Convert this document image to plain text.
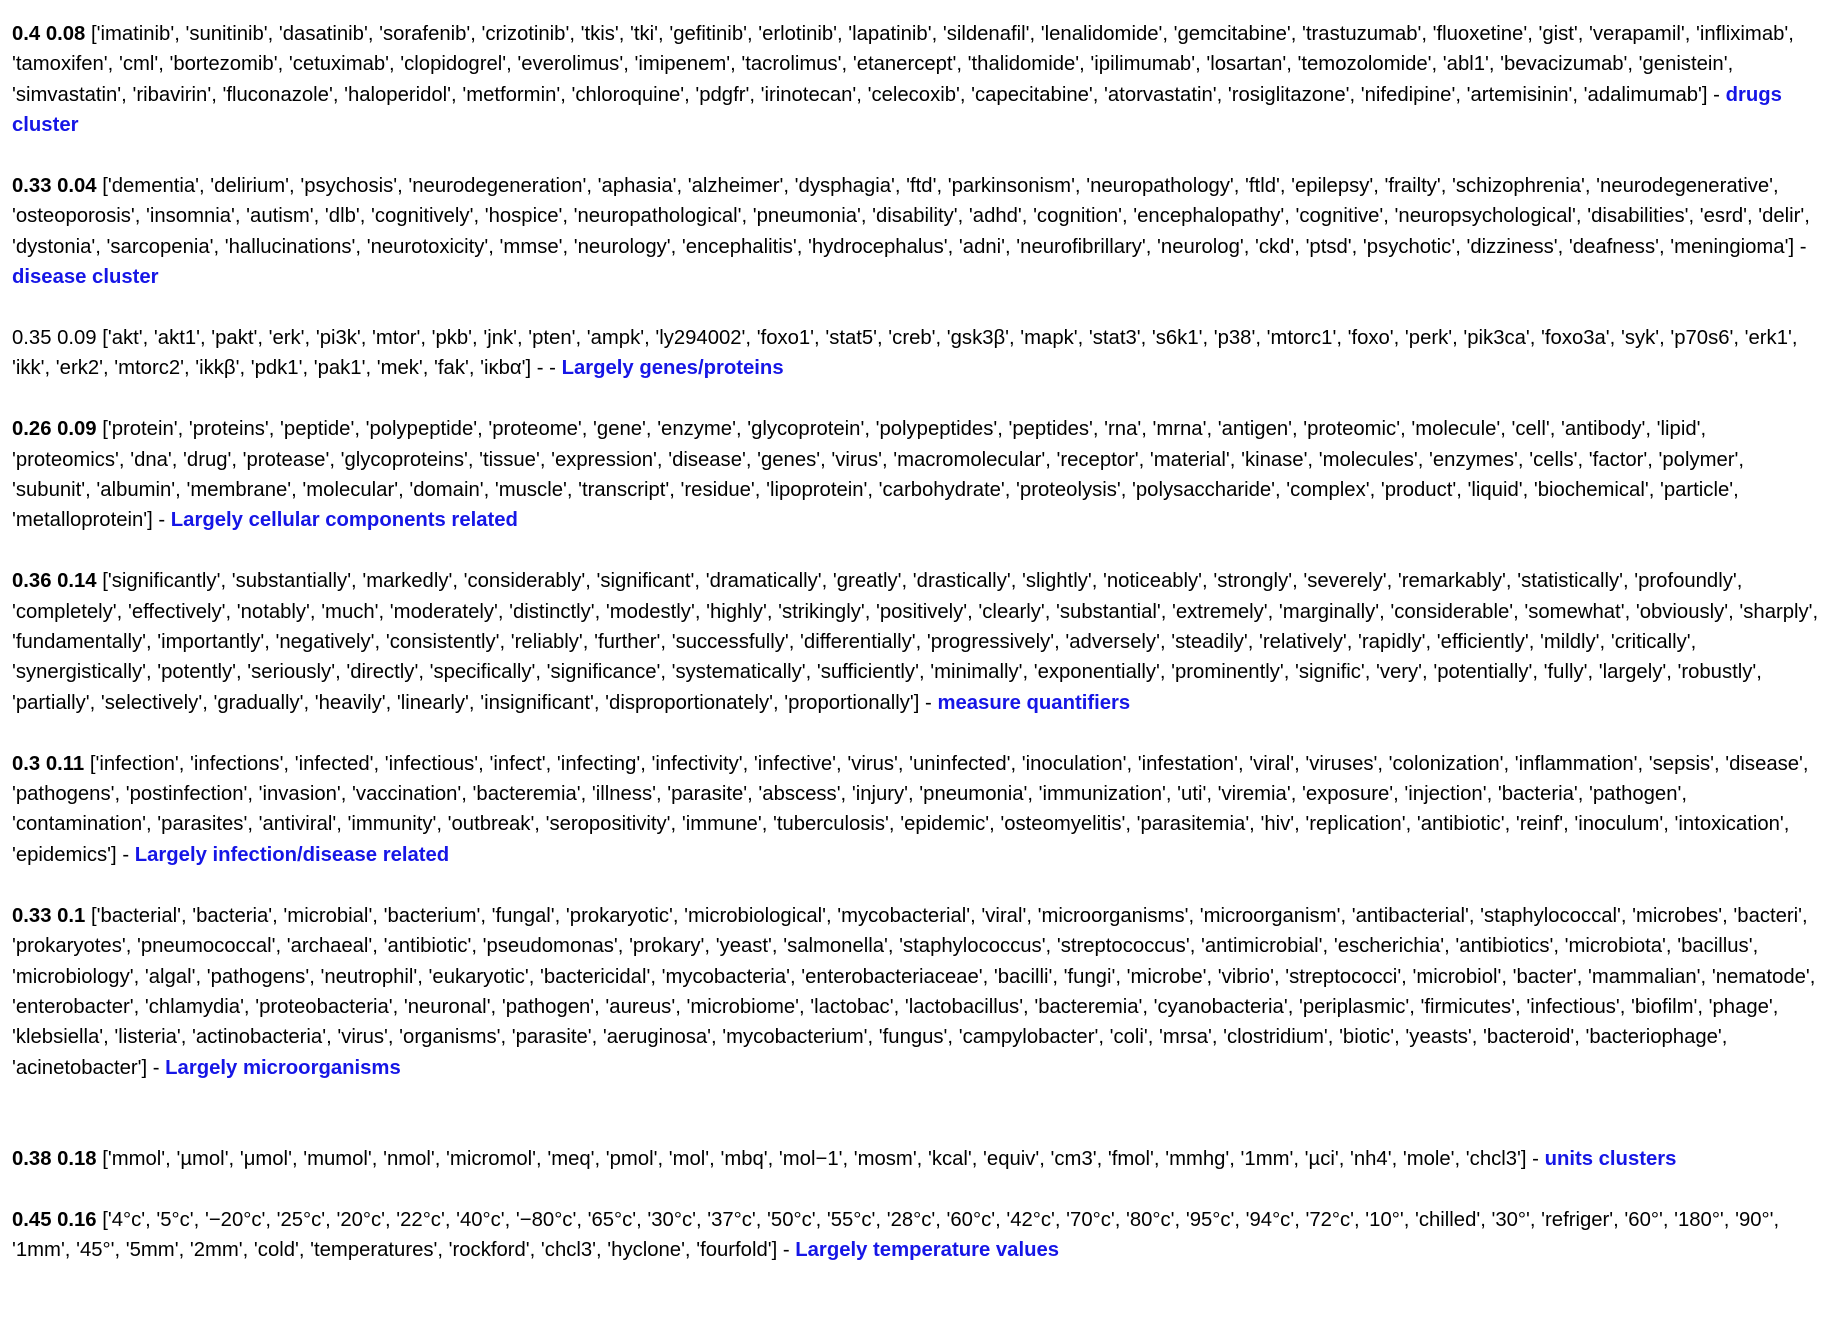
0.4 0.08 ['imatinib', 'sunitinib', 'dasatinib', 'sorafenib', 'crizotinib', 'tkis', 'tki', 'gefitinib', 'erlotinib', 'lapatinib', 'sildenafil', 'lenalidomide', 'gemcitabine', 'trastuzumab', 'fluoxetine', 'gist', 'verapamil', 'infliximab', 'tamoxifen', 'cml', 'bortezomib', 'cetuximab', 'clopidogrel', 'everolimus', 'imipenem', 'tacrolimus', 'etanercept', 'thalidomide', 'ipilimumab', 'losartan', 'temozolomide', 'abl1', 'bevacizumab', 'genistein', 'simvastatin', 'ribavirin', 'fluconazole', 'haloperidol', 'metformin', 'chloroquine', 'pdgfr', 'irinotecan', 'celecoxib', 'capecitabine', 'atorvastatin', 'rosiglitazone', 'nifedipine', 'artemisinin', 'adalimumab'] - drugs cluster

0.33 0.04 ['dementia', 'delirium', 'psychosis', 'neurodegeneration', 'aphasia', 'alzheimer', 'dysphagia', 'ftd', 'parkinsonism', 'neuropathology', 'ftld', 'epilepsy', 'frailty', 'schizophrenia', 'neurodegenerative', 'osteoporosis', 'insomnia', 'autism', 'dlb', 'cognitively', 'hospice', 'neuropathological', 'pneumonia', 'disability', 'adhd', 'cognition', 'encephalopathy', 'cognitive', 'neuropsychological', 'disabilities', 'esrd', 'delir', 'dystonia', 'sarcopenia', 'hallucinations', 'neurotoxicity', 'mmse', 'neurology', 'encephalitis', 'hydrocephalus', 'adni', 'neurofibrillary', 'neurolog', 'ckd', 'ptsd', 'psychotic', 'dizziness', 'deafness', 'meningioma'] - disease cluster

0.35 0.09 ['akt', 'akt1', 'pakt', 'erk', 'pi3k', 'mtor', 'pkb', 'jnk', 'pten', 'ampk', 'ly294002', 'foxo1', 'stat5', 'creb', 'gsk3β', 'mapk', 'stat3', 's6k1', 'p38', 'mtorc1', 'foxo', 'perk', 'pik3ca', 'foxo3a', 'syk', 'p70s6', 'erk1', 'ikk', 'erk2', 'mtorc2', 'ikkβ', 'pdk1', 'pak1', 'mek', 'fak', 'iκbα'] - - Largely genes/proteins

0.26 0.09 ['protein', 'proteins', 'peptide', 'polypeptide', 'proteome', 'gene', 'enzyme', 'glycoprotein', 'polypeptides', 'peptides', 'rna', 'mrna', 'antigen', 'proteomic', 'molecule', 'cell', 'antibody', 'lipid', 'proteomics', 'dna', 'drug', 'protease', 'glycoproteins', 'tissue', 'expression', 'disease', 'genes', 'virus', 'macromolecular', 'receptor', 'material', 'kinase', 'molecules', 'enzymes', 'cells', 'factor', 'polymer', 'subunit', 'albumin', 'membrane', 'molecular', 'domain', 'muscle', 'transcript', 'residue', 'lipoprotein', 'carbohydrate', 'proteolysis', 'polysaccharide', 'complex', 'product', 'liquid', 'biochemical', 'particle', 'metalloprotein'] - Largely cellular components related

0.36 0.14 ['significantly', 'substantially', 'markedly', 'considerably', 'significant', 'dramatically', 'greatly', 'drastically', 'slightly', 'noticeably', 'strongly', 'severely', 'remarkably', 'statistically', 'profoundly', 'completely', 'effectively', 'notably', 'much', 'moderately', 'distinctly', 'modestly', 'highly', 'strikingly', 'positively', 'clearly', 'substantial', 'extremely', 'marginally', 'considerable', 'somewhat', 'obviously', 'sharply', 'fundamentally', 'importantly', 'negatively', 'consistently', 'reliably', 'further', 'successfully', 'differentially', 'progressively', 'adversely', 'steadily', 'relatively', 'rapidly', 'efficiently', 'mildly', 'critically', 'synergistically', 'potently', 'seriously', 'directly', 'specifically', 'significance', 'systematically', 'sufficiently', 'minimally', 'exponentially', 'prominently', 'signific', 'very', 'potentially', 'fully', 'largely', 'robustly', 'partially', 'selectively', 'gradually', 'heavily', 'linearly', 'insignificant', 'disproportionately', 'proportionally'] - measure quantifiers

0.3 0.11 ['infection', 'infections', 'infected', 'infectious', 'infect', 'infecting', 'infectivity', 'infective', 'virus', 'uninfected', 'inoculation', 'infestation', 'viral', 'viruses', 'colonization', 'inflammation', 'sepsis', 'disease', 'pathogens', 'postinfection', 'invasion', 'vaccination', 'bacteremia', 'illness', 'parasite', 'abscess', 'injury', 'pneumonia', 'immunization', 'uti', 'viremia', 'exposure', 'injection', 'bacteria', 'pathogen', 'contamination', 'parasites', 'antiviral', 'immunity', 'outbreak', 'seropositivity', 'immune', 'tuberculosis', 'epidemic', 'osteomyelitis', 'parasitemia', 'hiv', 'replication', 'antibiotic', 'reinf', 'inoculum', 'intoxication', 'epidemics'] - Largely infection/disease related

0.33 0.1 ['bacterial', 'bacteria', 'microbial', 'bacterium', 'fungal', 'prokaryotic', 'microbiological', 'mycobacterial', 'viral', 'microorganisms', 'microorganism', 'antibacterial', 'staphylococcal', 'microbes', 'bacteri', 'prokaryotes', 'pneumococcal', 'archaeal', 'antibiotic', 'pseudomonas', 'prokary', 'yeast', 'salmonella', 'staphylococcus', 'streptococcus', 'antimicrobial', 'escherichia', 'antibiotics', 'microbiota', 'bacillus', 'microbiology', 'algal', 'pathogens', 'neutrophil', 'eukaryotic', 'bactericidal', 'mycobacteria', 'enterobacteriaceae', 'bacilli', 'fungi', 'microbe', 'vibrio', 'streptococci', 'microbiol', 'bacter', 'mammalian', 'nematode', 'enterobacter', 'chlamydia', 'proteobacteria', 'neuronal', 'pathogen', 'aureus', 'microbiome', 'lactobac', 'lactobacillus', 'bacteremia', 'cyanobacteria', 'periplasmic', 'firmicutes', 'infectious', 'biofilm', 'phage', 'klebsiella', 'listeria', 'actinobacteria', 'virus', 'organisms', 'parasite', 'aeruginosa', 'mycobacterium', 'fungus', 'campylobacter', 'coli', 'mrsa', 'clostridium', 'biotic', 'yeasts', 'bacteroid', 'bacteriophage', 'acinetobacter'] - Largely microorganisms

0.38 0.18 ['mmol', 'µmol', 'μmol', 'mumol', 'nmol', 'micromol', 'meq', 'pmol', 'mol', 'mbq', 'mol−1', 'mosm', 'kcal', 'equiv', 'cm3', 'fmol', 'mmhg', '1mm', 'µci', 'nh4', 'mole', 'chcl3'] - units clusters

0.45 0.16 ['4°c', '5°c', '−20°c', '25°c', '20°c', '22°c', '40°c', '−80°c', '65°c', '30°c', '37°c', '50°c', '55°c', '28°c', '60°c', '42°c', '70°c', '80°c', '95°c', '94°c', '72°c', '10°', 'chilled', '30°', 'refriger', '60°', '180°', '90°', '1mm', '45°', '5mm', '2mm', 'cold', 'temperatures', 'rockford', 'chcl3', 'hyclone', 'fourfold'] - Largely temperature values
